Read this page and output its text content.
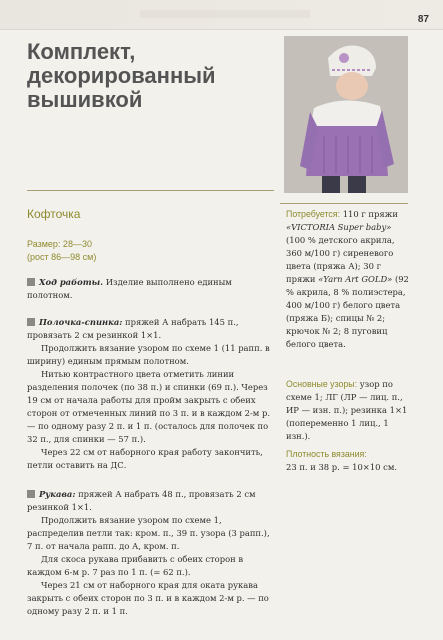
87
Комплект, декорированный вышивкой
Кофточка
Размер: 28—30
(рост 86—98 см)

Ход работы. Изделие выполнено единым полотном.

Полочка-спинка: пряжей А набрать 145 п., провязать 2 см резинкой 1×1.

Продолжить вязание узором по схеме 1 (11 рапп. в ширину) единым прямым полотном.

Нитью контрастного цвета отметить линии разделения полочек (по 38 п.) и спинки (69 п.). Через 19 см от начала работы для пройм закрыть с обеих сторон от отмеченных линий по 3 п. и в каждом 2-м р. — по одному разу 2 п. и 1 п. (осталось для полочек по 32 п., для спинки — 57 п.).

Через 22 см от наборного края работу закончить, петли оставить на ДС.

Рукава: пряжей А набрать 48 п., провязать 2 см резинкой 1×1.

Продолжить вязание узором по схеме 1, распределив петли так: кром. п., 39 п. узора (3 рапп.), 7 п. от начала рапп. до А, кром. п.

Для скоса рукава прибавить с обеих сторон в каждом 6-м р. 7 раз по 1 п. (= 62 п.).

Через 21 см от наборного края для оката рукава закрыть с обеих сторон по 3 п. и в каждом 2-м р. — по одному разу 2 п. и 1 п.

Потребуется: 110 г пряжи «VICTORIA Super baby» (100 % детского акрила, 360 м/100 г) сиреневого цвета (пряжа А); 30 г пряжи «Yarn Art GOLD» (92 % акрила, 8 % полиэстера, 400 м/100 г) белого цвета (пряжа Б); спицы № 2; крючок № 2; 8 пуговиц белого цвета.
Основные узоры: узор по схеме 1; ЛГ (ЛР — лиц. п., ИР — изн. п.); резинка 1×1 (попеременно 1 лиц., 1 изн.).
Плотность вязания:
23 п. и 38 р. = 10×10 см.
